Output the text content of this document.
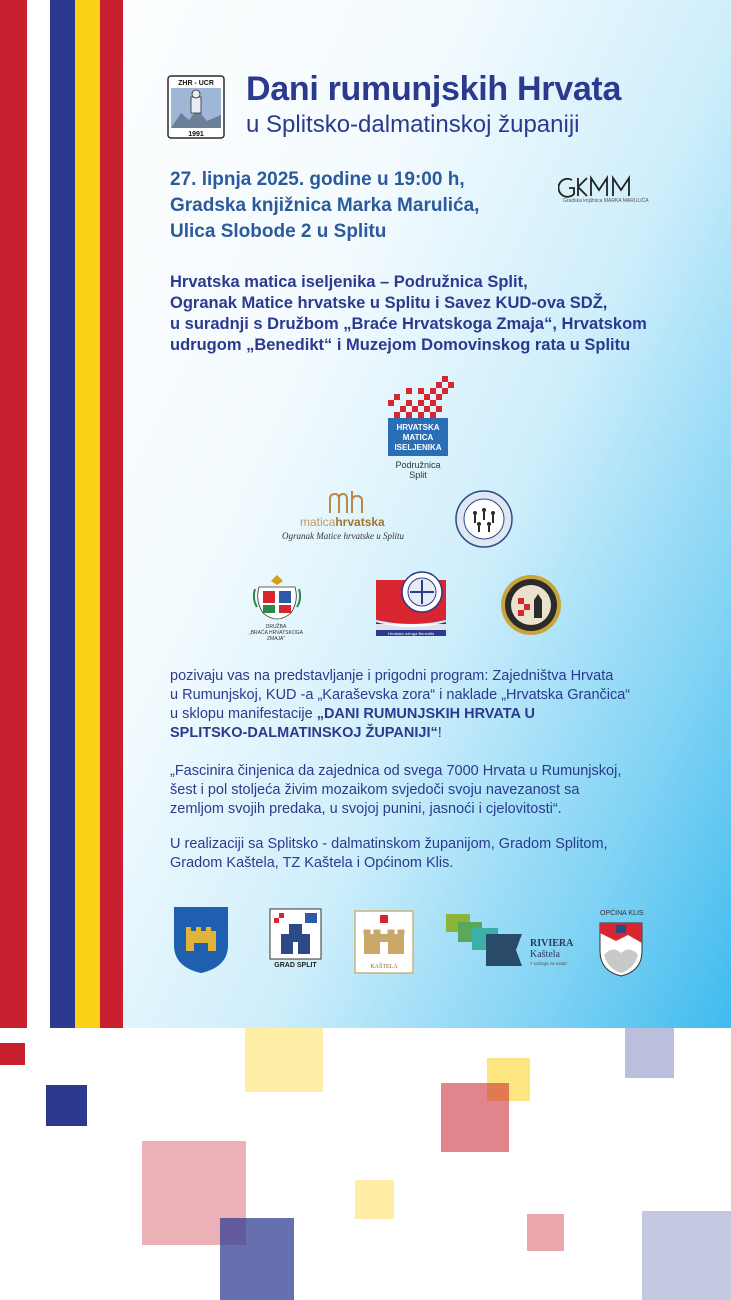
ZHR - UCR
1991
Dani rumunjskih Hrvata
u Splitsko-dalmatinskoj županiji
27. lipnja 2025. godine u 19:00 h,
Gradska knjižnica Marka Marulića,
Ulica Slobode 2 u Splitu
Gradska knjižnica MARKA MARULIĆA
Hrvatska matica iseljenika – Podružnica Split,
Ogranak Matice hrvatske u Splitu i Savez KUD-ova SDŽ,
u suradnji s Družbom „Braće Hrvatskoga Zmaja“, Hrvatskom
udrugom „Benedikt“ i Muzejom Domovinskog rata u Splitu
HRVATSKA
MATICA
ISELJENIKA
Podružnica Split
maticahrvatska
Ogranak Matice hrvatske u Splitu
DRUŽBA
„BRAĆA HRVATSKOGA ZMAJA“
Hrvatska udruga Benedikt
pozivaju vas na predstavljanje i prigodni program: Zajedništva Hrvata
u Rumunjskoj, KUD -a „Karaševska zora“ i naklade „Hrvatska Grančica“
u sklopu manifestacije „DANI RUMUNJSKIH HRVATA U
SPLITSKO-DALMATINSKOJ ŽUPANIJI“!
„Fascinira činjenica da zajednica od svega 7000 Hrvata u Rumunjskoj,
šest i pol stoljeća živim mozaikom svjedoči svoju navezanost sa
zemljom svojih predaka, u svojoj punini, jasnoći i cjelovitosti“.
U realizaciji sa Splitsko - dalmatinskom županijom, Gradom Splitom,
Gradom Kaštela, TZ Kaštela i Općinom Klis.
GRAD SPLIT	KAŠTELA
RIVIERA
Kaštela
7 razloga za ostati
OPĆINA KLIS
